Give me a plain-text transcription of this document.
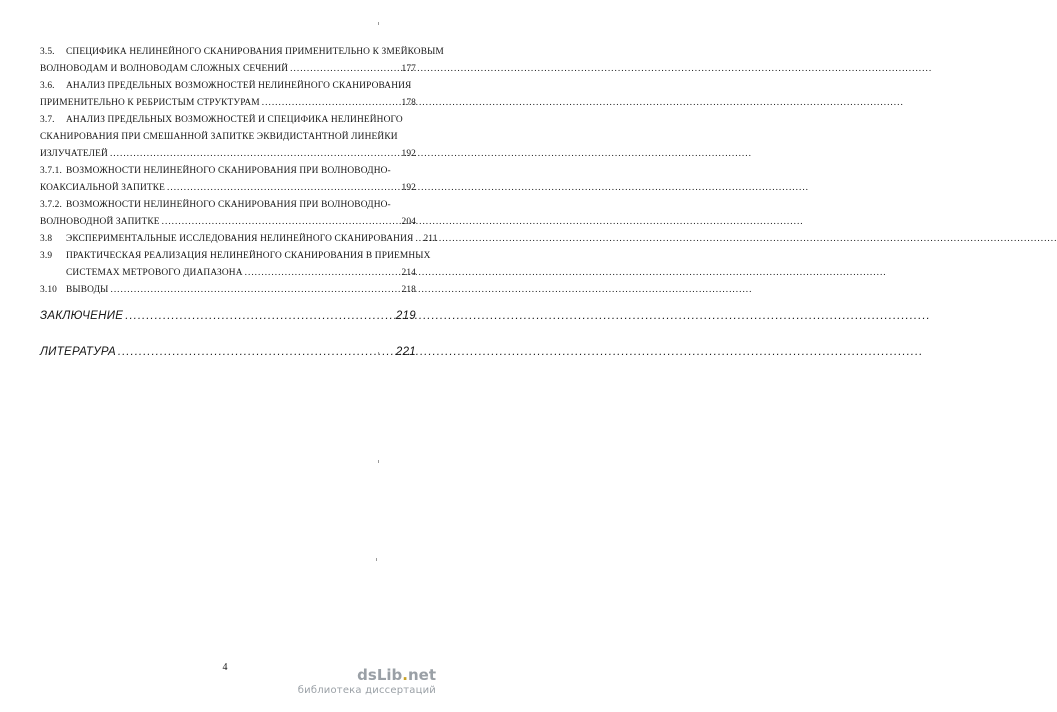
3.5.	СПЕЦИФИКА НЕЛИНЕЙНОГО СКАНИРОВАНИЯ ПРИМЕНИТЕЛЬНО К ЗМЕЙКОВЫМ
ВОЛНОВОДАМ И ВОЛНОВОДАМ СЛОЖНЫХ СЕЧЕНИЙ .....	177
3.6.	АНАЛИЗ ПРЕДЕЛЬНЫХ ВОЗМОЖНОСТЕЙ НЕЛИНЕЙНОГО СКАНИРОВАНИЯ
ПРИМЕНИТЕЛЬНО К РЕБРИСТЫМ СТРУКТУРАМ .....	178
3.7.	АНАЛИЗ ПРЕДЕЛЬНЫХ ВОЗМОЖНОСТЕЙ И СПЕЦИФИКА НЕЛИНЕЙНОГО
СКАНИРОВАНИЯ ПРИ СМЕШАННОЙ ЗАПИТКЕ ЭКВИДИСТАНТНОЙ ЛИНЕЙКИ
ИЗЛУЧАТЕЛЕЙ .....	192
3.7.1. ВОЗМОЖНОСТИ НЕЛИНЕЙНОГО СКАНИРОВАНИЯ ПРИ ВОЛНОВОДНО-
КОАКСИАЛЬНОЙ ЗАПИТКЕ .....	192
3.7.2. ВОЗМОЖНОСТИ НЕЛИНЕЙНОГО СКАНИРОВАНИЯ ПРИ ВОЛНОВОДНО-
ВОЛНОВОДНОЙ ЗАПИТКЕ .....	204
3.8	ЭКСПЕРИМЕНТАЛЬНЫЕ ИССЛЕДОВАНИЯ НЕЛИНЕЙНОГО СКАНИРОВАНИЯ ..... 211
3.9	ПРАКТИЧЕСКАЯ РЕАЛИЗАЦИЯ НЕЛИНЕЙНОГО СКАНИРОВАНИЯ В ПРИЕМНЫХ
СИСТЕМАХ МЕТРОВОГО ДИАПАЗОНА .....	214
3.10 ВЫВОДЫ .....	218
ЗАКЛЮЧЕНИЕ .....	219
ЛИТЕРАТУРА .....	221
4	dsLib.net
библиотека диссертаций
